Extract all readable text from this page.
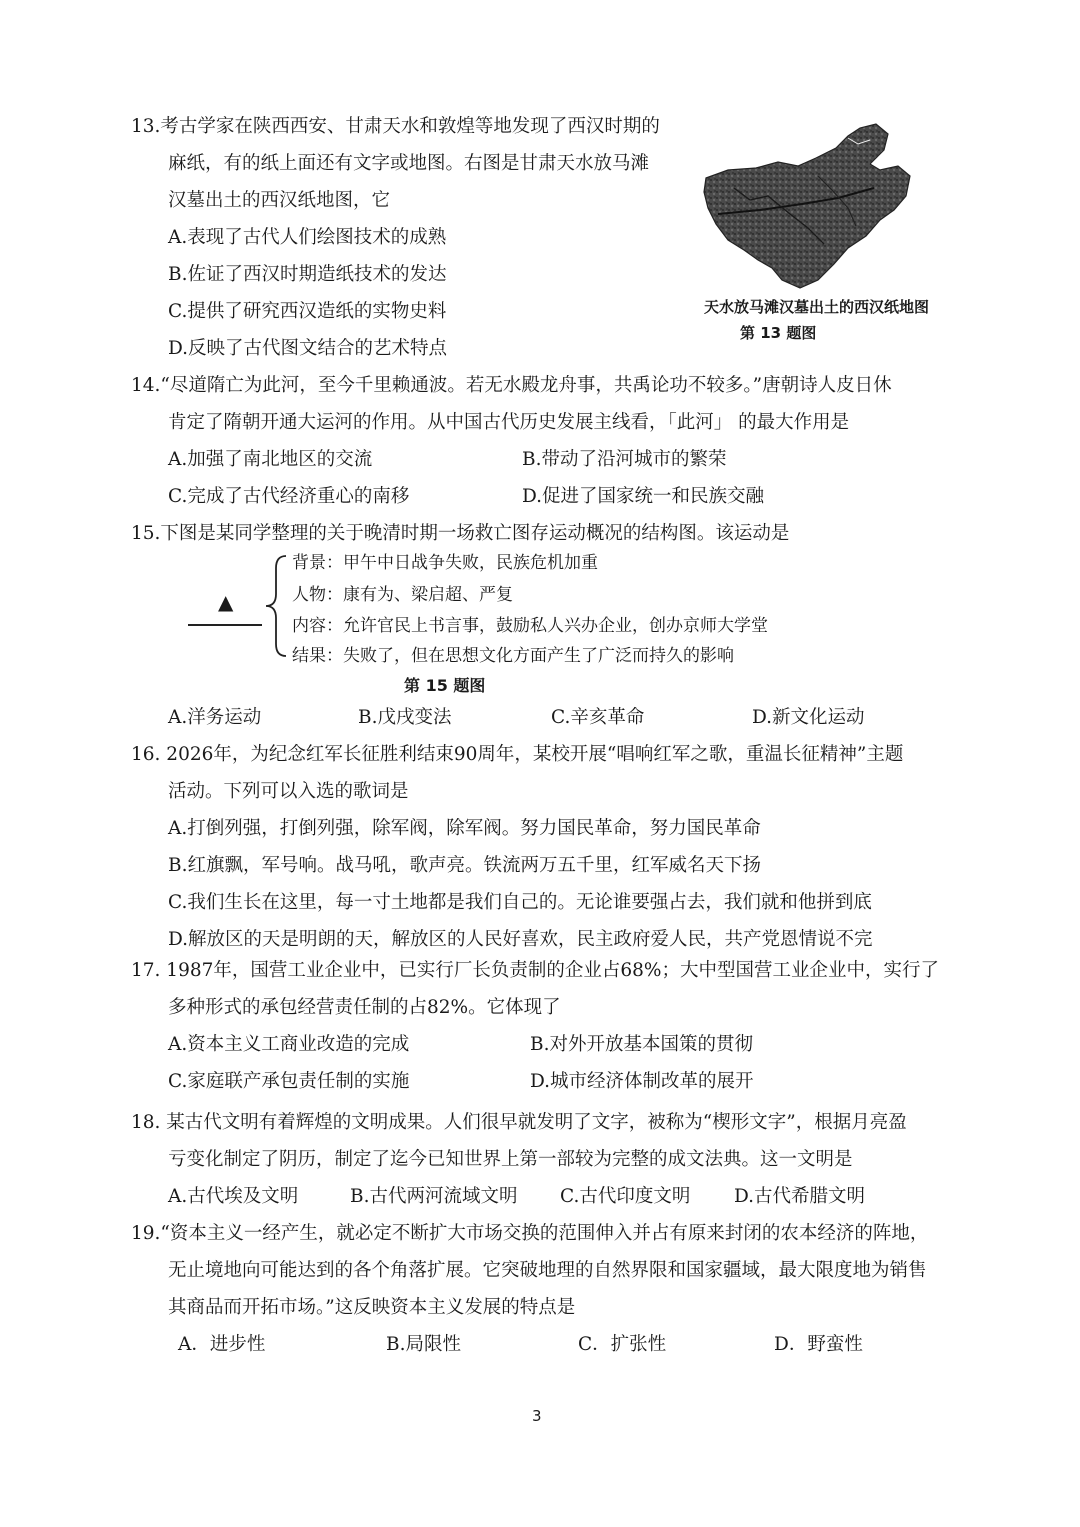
13.考古学家在陕西西安、甘肃天水和敦煌等地发现了西汉时期的
麻纸，有的纸上面还有文字或地图。右图是甘肃天水放马滩
汉墓出土的西汉纸地图，它
A.表现了古代人们绘图技术的成熟
B.佐证了西汉时期造纸技术的发达
C.提供了研究西汉造纸的实物史料
D.反映了古代图文结合的艺术特点
天水放马滩汉墓出土的西汉纸地图
第 13 题图
14.“尽道隋亡为此河，至今千里赖通波。若无水殿龙舟事，共禹论功不较多。”唐朝诗人皮日休
肯定了隋朝开通大运河的作用。从中国古代历史发展主线看，「此河」 的最大作用是
A.加强了南北地区的交流	B.带动了沿河城市的繁荣
C.完成了古代经济重心的南移	D.促进了国家统一和民族交融
15.下图是某同学整理的关于晚清时期一场救亡图存运动概况的结构图。该运动是
▲
背景：甲午中日战争失败，民族危机加重
人物：康有为、梁启超、严复
内容：允许官民上书言事，鼓励私人兴办企业，创办京师大学堂
结果：失败了，但在思想文化方面产生了广泛而持久的影响
第 15 题图
A.洋务运动	B.戊戌变法	C.辛亥革命	D.新文化运动
16. 2026年，为纪念红军长征胜利结束90周年，某校开展“唱响红军之歌，重温长征精神”主题
活动。下列可以入选的歌词是
A.打倒列强，打倒列强，除军阀，除军阀。努力国民革命，努力国民革命
B.红旗飘，军号响。战马吼，歌声亮。铁流两万五千里，红军威名天下扬
C.我们生长在这里，每一寸土地都是我们自己的。无论谁要强占去，我们就和他拼到底
D.解放区的天是明朗的天，解放区的人民好喜欢，民主政府爱人民，共产党恩情说不完
17. 1987年，国营工业企业中，已实行厂长负责制的企业占68%；大中型国营工业企业中，实行了
多种形式的承包经营责任制的占82%。它体现了
A.资本主义工商业改造的完成	B.对外开放基本国策的贯彻
C.家庭联产承包责任制的实施	D.城市经济体制改革的展开
18. 某古代文明有着辉煌的文明成果。人们很早就发明了文字，被称为“楔形文字”，根据月亮盈
亏变化制定了阴历，制定了迄今已知世界上第一部较为完整的成文法典。这一文明是
A.古代埃及文明	B.古代两河流域文明 C.古代印度文明 D.古代希腊文明
19.“资本主义一经产生，就必定不断扩大市场交换的范围伸入并占有原来封闭的农本经济的阵地，
无止境地向可能达到的各个角落扩展。它突破地理的自然界限和国家疆域，最大限度地为销售
其商品而开拓市场。”这反映资本主义发展的特点是
A．进步性	B.局限性	C．扩张性	D．野蛮性
3
